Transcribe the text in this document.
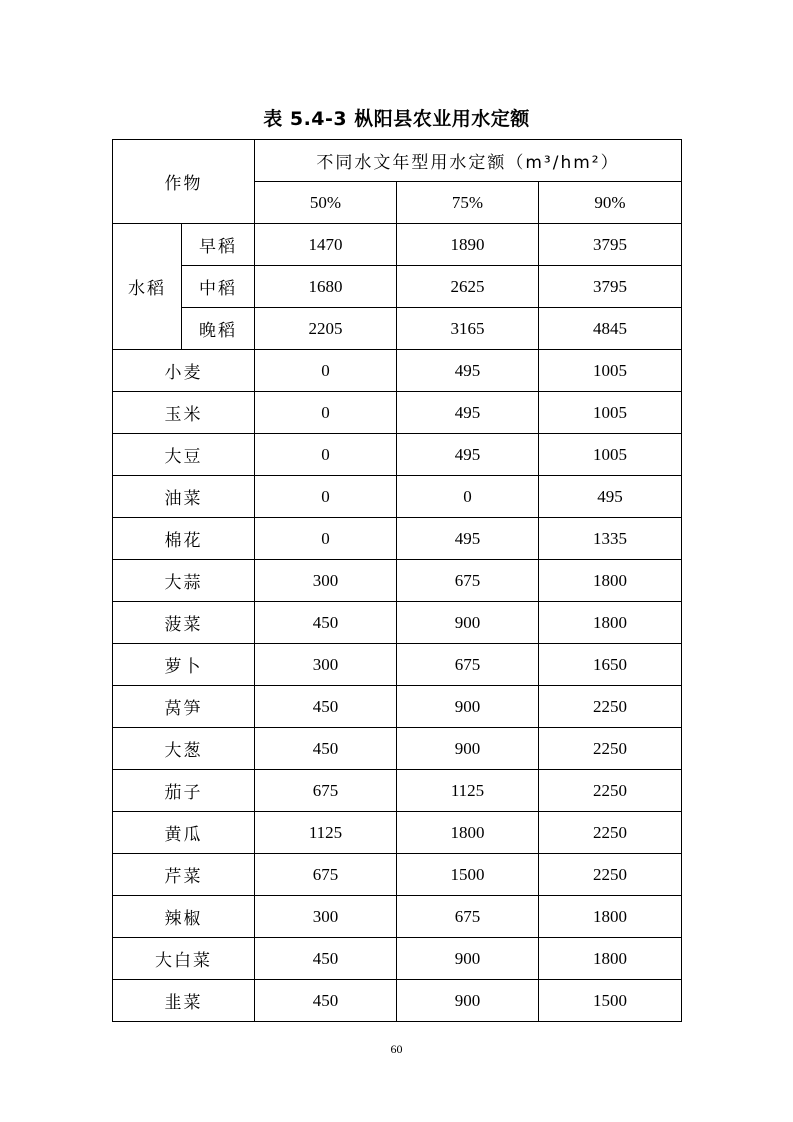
表 5.4-3 枞阳县农业用水定额
作物		不同水文年型用水定额（m³/hm²）		
		50%	75%	90%
水稻	早稻	1470	1890	3795
	中稻	1680	2625	3795
	晚稻	2205	3165	4845
小麦		0	495	1005
玉米		0	495	1005
大豆		0	495	1005
油菜		0	0	495
棉花		0	495	1335
大蒜		300	675	1800
菠菜		450	900	1800
萝卜		300	675	1650
莴笋		450	900	2250
大葱		450	900	2250
茄子		675	1125	2250
黄瓜		1125	1800	2250
芹菜		675	1500	2250
辣椒		300	675	1800
大白菜		450	900	1800
韭菜		450	900	1500
60
